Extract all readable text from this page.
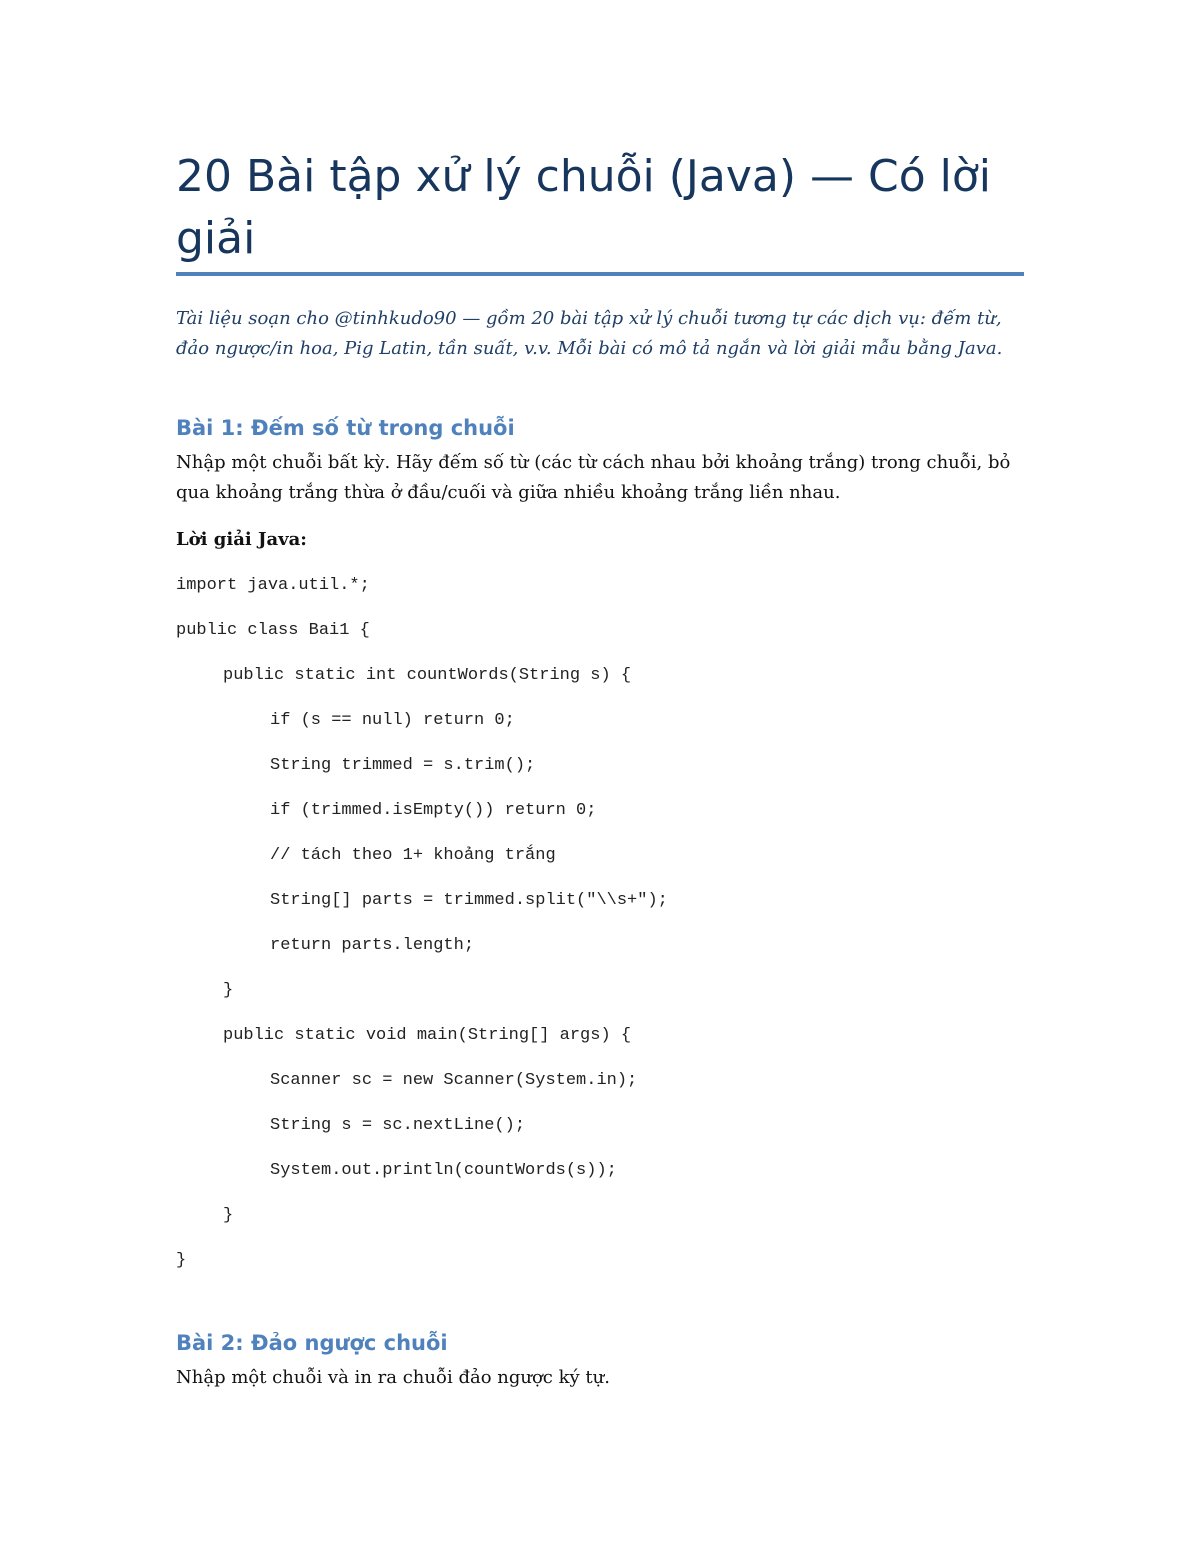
20 Bài tập xử lý chuỗi (Java) — Có lời giải

Tài liệu soạn cho @tinhkudo90 — gồm 20 bài tập xử lý chuỗi tương tự các dịch vụ: đếm từ, đảo ngược/in hoa, Pig Latin, tần suất, v.v. Mỗi bài có mô tả ngắn và lời giải mẫu bằng Java.

Bài 1: Đếm số từ trong chuỗi

Nhập một chuỗi bất kỳ. Hãy đếm số từ (các từ cách nhau bởi khoảng trắng) trong chuỗi, bỏ qua khoảng trắng thừa ở đầu/cuối và giữa nhiều khoảng trắng liền nhau.

Lời giải Java:

import java.util.*;
public class Bai1 {
public static int countWords(String s) {
if (s == null) return 0;
String trimmed = s.trim();
if (trimmed.isEmpty()) return 0;
// tách theo 1+ khoảng trắng
String[] parts = trimmed.split("\\s+");
return parts.length;
}
public static void main(String[] args) {
Scanner sc = new Scanner(System.in);
String s = sc.nextLine();
System.out.println(countWords(s));
}
}
Bài 2: Đảo ngược chuỗi

Nhập một chuỗi và in ra chuỗi đảo ngược ký tự.
